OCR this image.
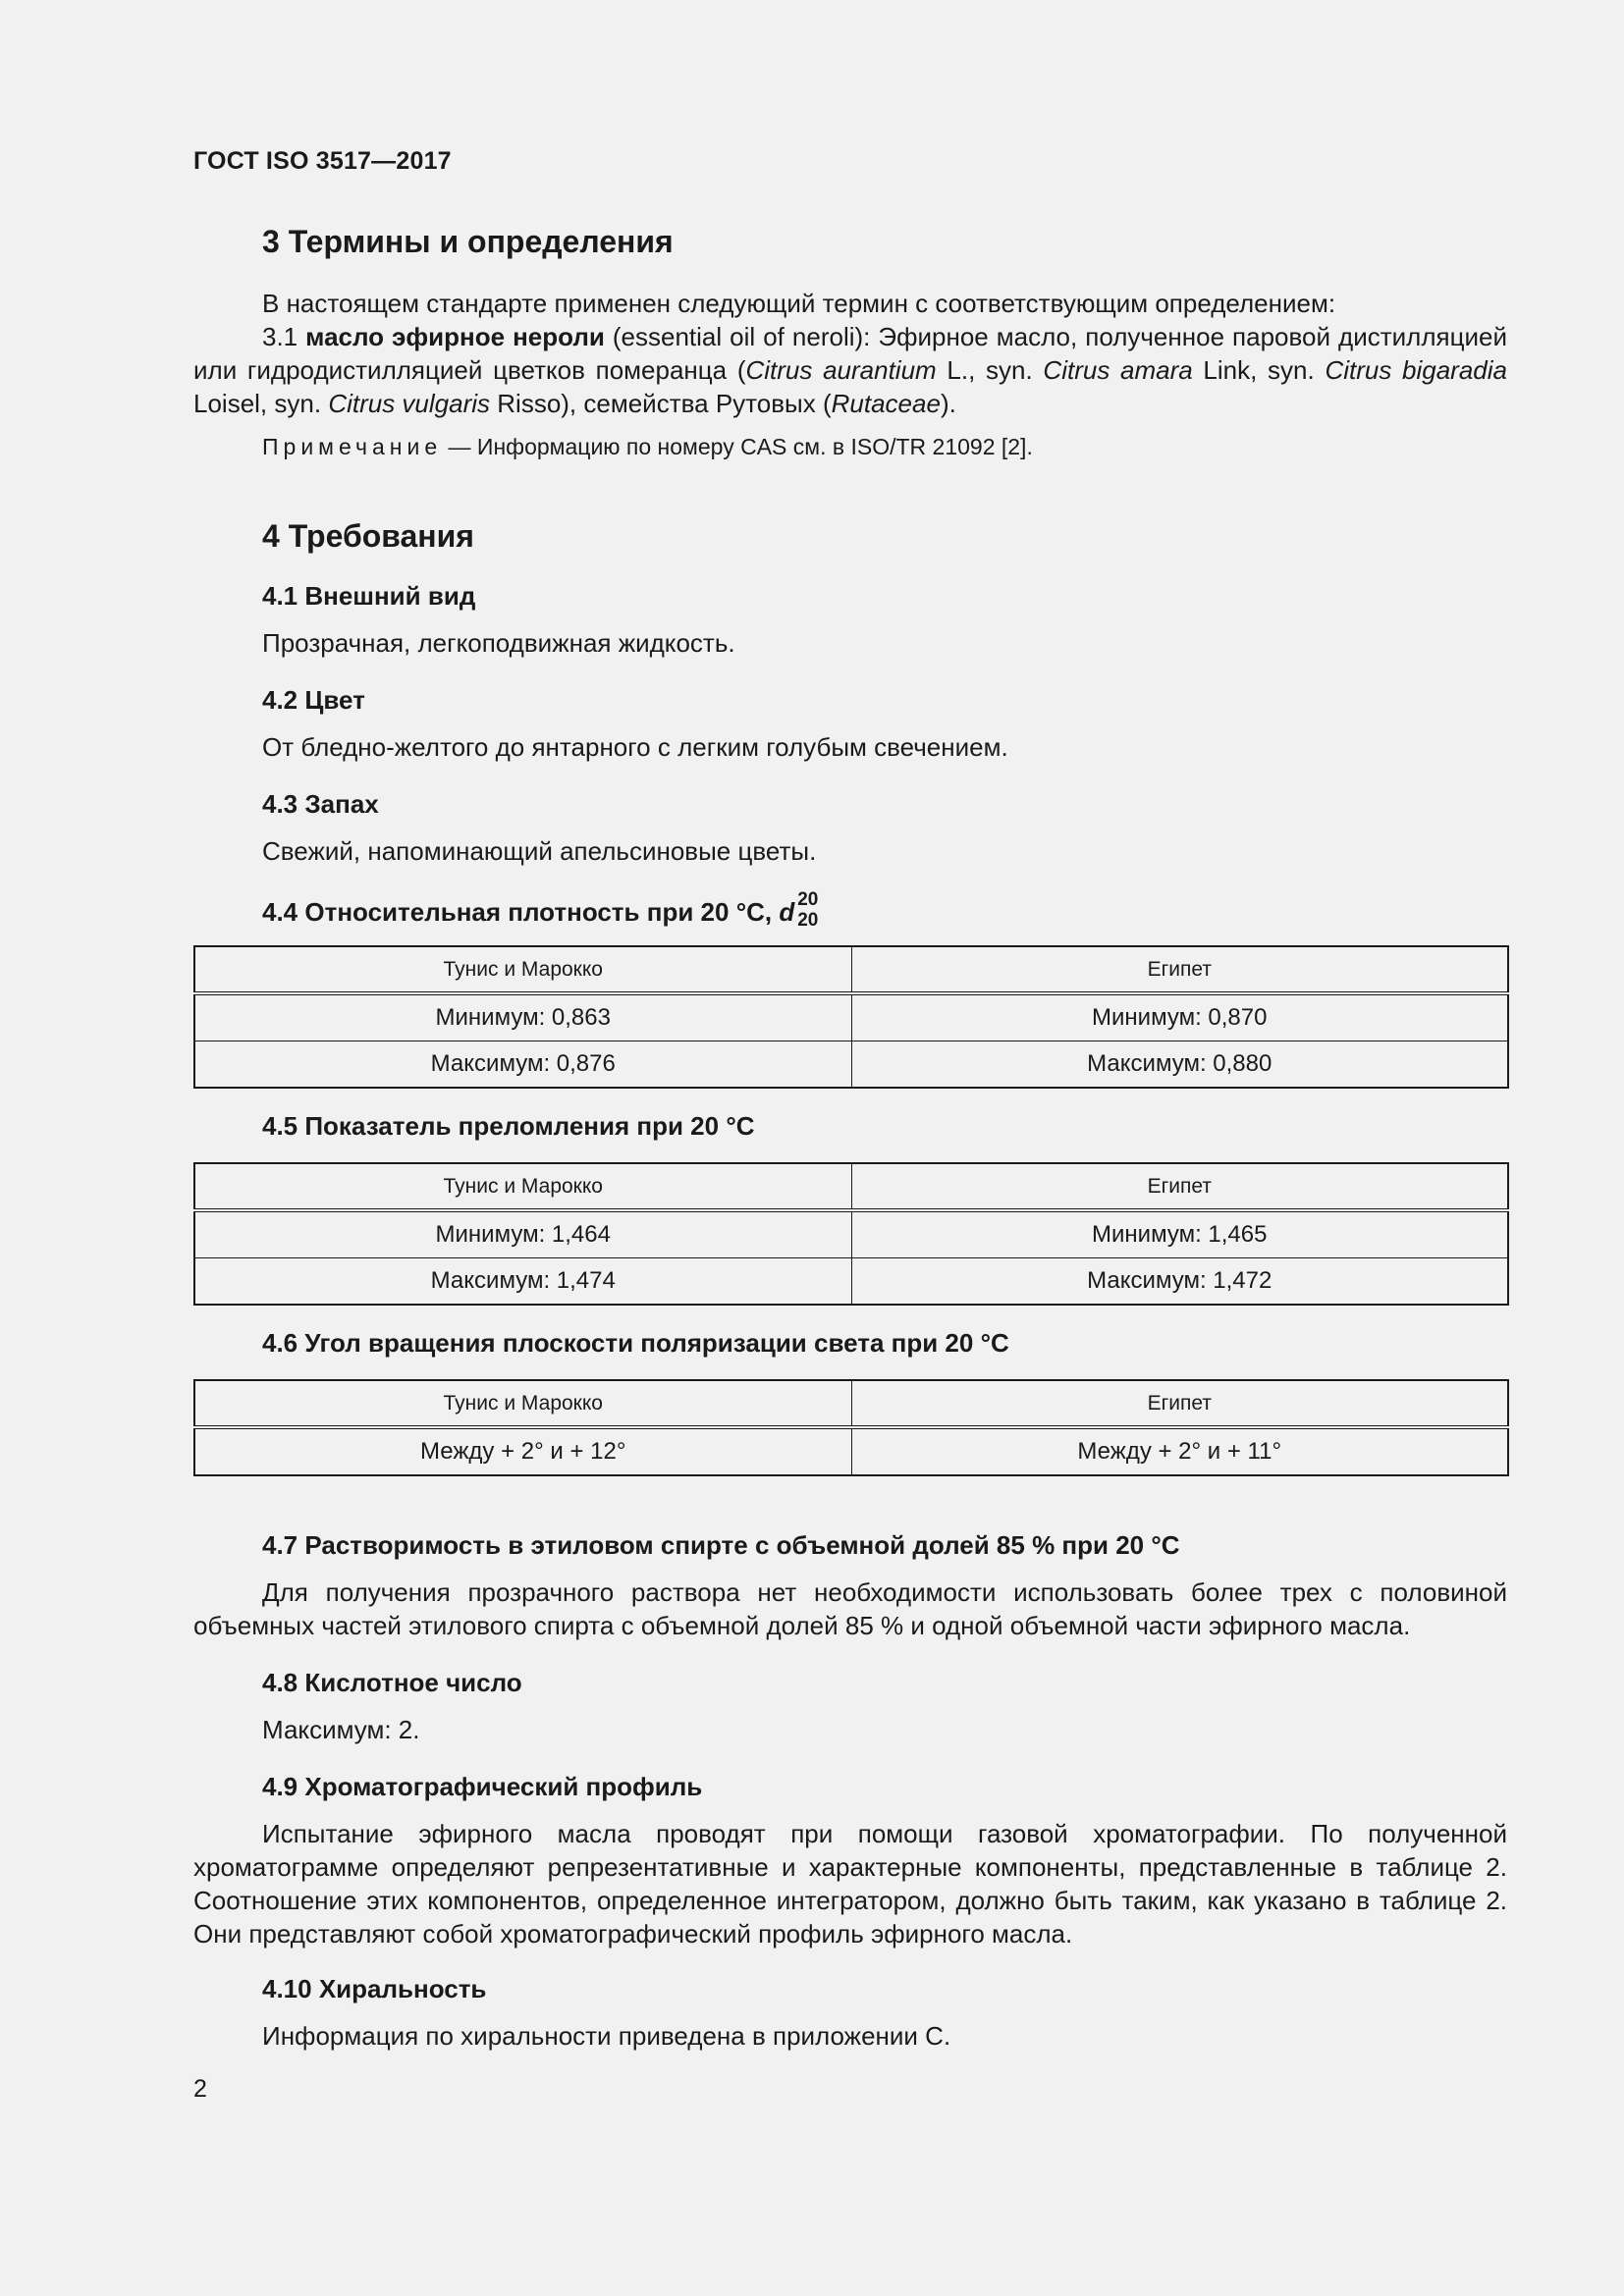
ГОСТ ISO 3517—2017
3 Термины и определения
В настоящем стандарте применен следующий термин с соответствующим определением:
3.1 масло эфирное нероли (essential oil of neroli): Эфирное масло, полученное паровой дистилляцией или гидродистилляцией цветков померанца (Citrus aurantium L., syn. Citrus amara Link, syn. Citrus bigaradia Loisel, syn. Citrus vulgaris Risso), семейства Рутовых (Rutaceae).
Примечание — Информацию по номеру CAS см. в ISO/TR 21092 [2].
4 Требования
4.1 Внешний вид
Прозрачная, легкоподвижная жидкость.
4.2 Цвет
От бледно-желтого до янтарного с легким голубым свечением.
4.3 Запах
Свежий, напоминающий апельсиновые цветы.
4.4 Относительная плотность при 20 °C, d 20
20
Тунис и Марокко	Египет
Минимум: 0,863	Минимум: 0,870
Максимум: 0,876	Максимум: 0,880
4.5 Показатель преломления при 20 °C
Тунис и Марокко	Египет
Минимум: 1,464	Минимум: 1,465
Максимум: 1,474	Максимум: 1,472
4.6 Угол вращения плоскости поляризации света при 20 °C
Тунис и Марокко	Египет
Между + 2° и + 12°	Между + 2° и + 11°
4.7 Растворимость в этиловом спирте с объемной долей 85 % при 20 °C
Для получения прозрачного раствора нет необходимости использовать более трех с половиной объемных частей этилового спирта с объемной долей 85 % и одной объемной части эфирного масла.
4.8 Кислотное число
Максимум: 2.
4.9 Хроматографический профиль
Испытание эфирного масла проводят при помощи газовой хроматографии. По полученной хроматограмме определяют репрезентативные и характерные компоненты, представленные в таблице 2. Соотношение этих компонентов, определенное интегратором, должно быть таким, как указано в таблице 2. Они представляют собой хроматографический профиль эфирного масла.
4.10 Хиральность
Информация по хиральности приведена в приложении С.
2
